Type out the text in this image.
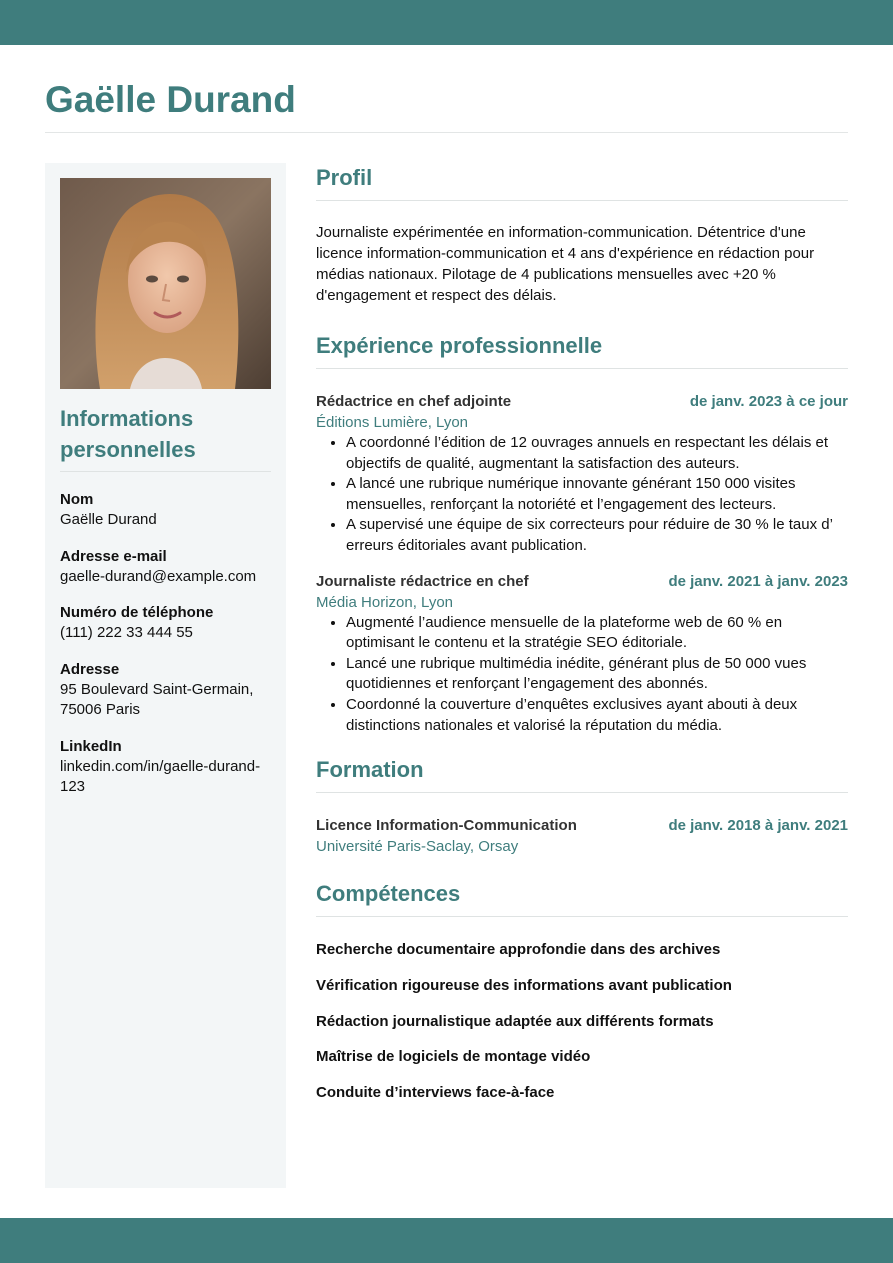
Gaëlle Durand
Informations personnelles
Nom
Gaëlle Durand
Adresse e-mail
gaelle-durand@example.com
Numéro de téléphone
(111) 222 33 444 55
Adresse
95 Boulevard Saint-Germain, 75006 Paris
LinkedIn
linkedin.com/in/gaelle-durand-123
Profil

Journaliste expérimentée en information-communication. Détentrice d'une licence information-communication et 4 ans d'expérience en rédaction pour médias nationaux. Pilotage de 4 publications mensuelles avec +20 % d'engagement et respect des délais.

Expérience professionnelle
Rédactrice en chef adjointe	de janv. 2023 à ce jour
Éditions Lumière, Lyon
• A coordonné l’édition de 12 ouvrages annuels en respectant les délais et objectifs de qualité, augmentant la satisfaction des auteurs.
• A lancé une rubrique numérique innovante générant 150 000 visites mensuelles, renforçant la notoriété et l’engagement des lecteurs.
• A supervisé une équipe de six correcteurs pour réduire de 30 % le taux d’ erreurs éditoriales avant publication.
Journaliste rédactrice en chef	de janv. 2021 à janv. 2023
Média Horizon, Lyon
• Augmenté l’audience mensuelle de la plateforme web de 60 % en optimisant le contenu et la stratégie SEO éditoriale.
• Lancé une rubrique multimédia inédite, générant plus de 50 000 vues quotidiennes et renforçant l’engagement des abonnés.
• Coordonné la couverture d’enquêtes exclusives ayant abouti à deux distinctions nationales et valorisé la réputation du média.
Formation
Licence Information-Communication	de janv. 2018 à janv. 2021
Université Paris-Saclay, Orsay
Compétences
Recherche documentaire approfondie dans des archives
Vérification rigoureuse des informations avant publication
Rédaction journalistique adaptée aux différents formats
Maîtrise de logiciels de montage vidéo
Conduite d’interviews face-à-face
